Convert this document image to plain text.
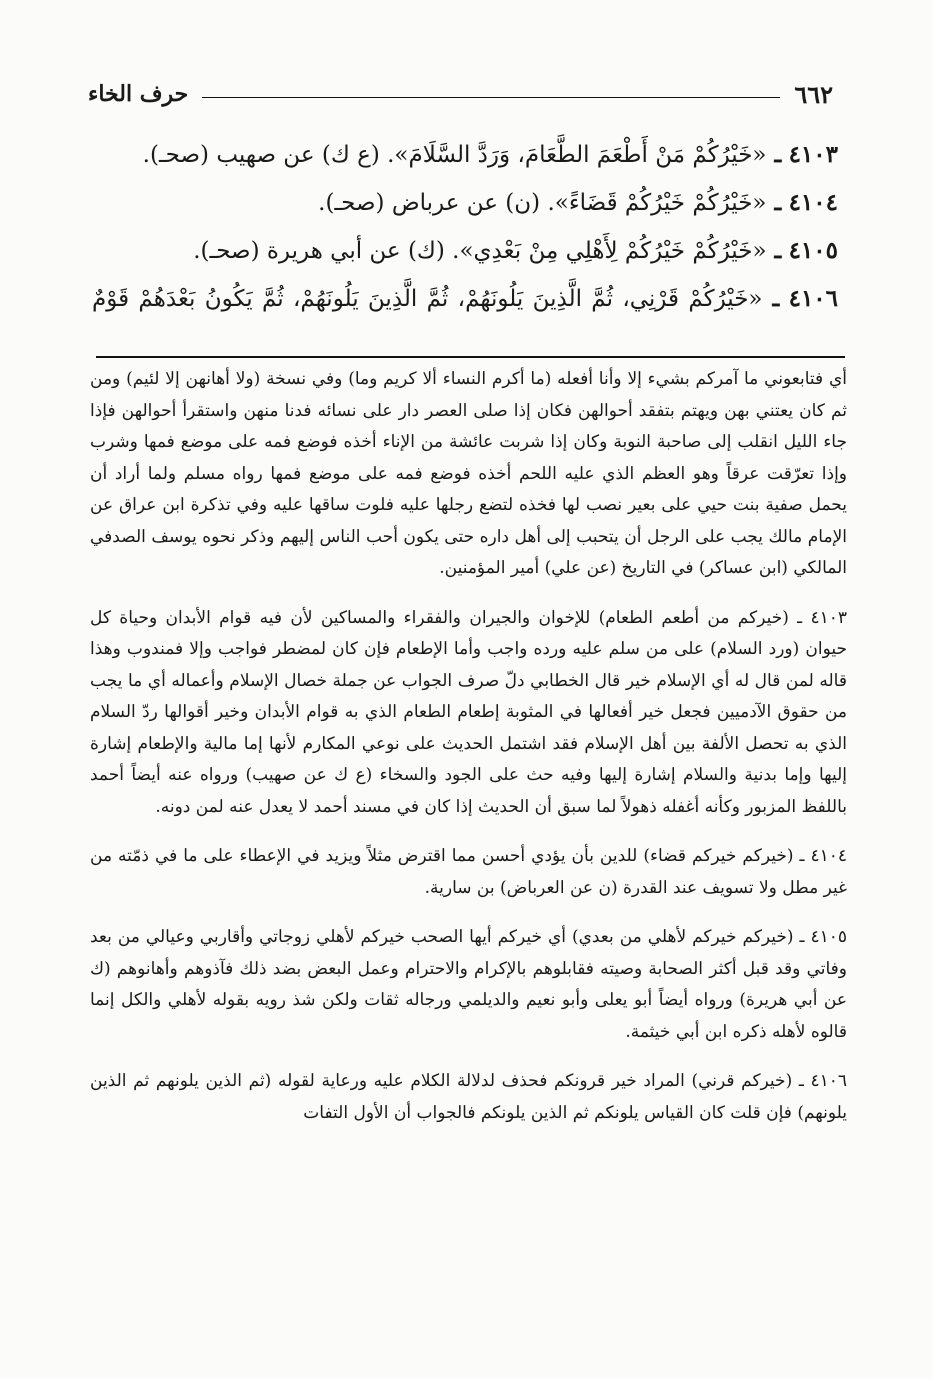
٦٦٢
حرف الخاء
٤١٠٣ ـ «خَيْرُكُمْ مَنْ أَطْعَمَ الطَّعَامَ، وَرَدَّ السَّلَامَ». (ع ك) عن صهيب (صحـ).
٤١٠٤ ـ «خَيْرُكُمْ خَيْرُكُمْ قَضَاءً». (ن) عن عرباض (صحـ).
٤١٠٥ ـ «خَيْرُكُمْ خَيْرُكُمْ لِأَهْلِي مِنْ بَعْدِي». (ك) عن أبي هريرة (صحـ).
٤١٠٦ ـ «خَيْرُكُمْ قَرْنِي، ثُمَّ الَّذِينَ يَلُونَهُمْ، ثُمَّ الَّذِينَ يَلُونَهُمْ، ثُمَّ يَكُونُ بَعْدَهُمْ قَوْمٌ

أي فتابعوني ما آمركم بشيء إلا وأنا أفعله (ما أكرم النساء ألا كريم وما) وفي نسخة (ولا أهانهن إلا لئيم) ومن ثم كان يعتني بهن ويهتم بتفقد أحوالهن فكان إذا صلى العصر دار على نسائه فدنا منهن واستقرأ أحوالهن فإذا جاء الليل انقلب إلى صاحبة النوبة وكان إذا شربت عائشة من الإناء أخذه فوضع فمه على موضع فمها وشرب وإذا تعرّقت عرقاً وهو العظم الذي عليه اللحم أخذه فوضع فمه على موضع فمها رواه مسلم ولما أراد أن يحمل صفية بنت حيي على بعير نصب لها فخذه لتضع رجلها عليه فلوت ساقها عليه وفي تذكرة ابن عراق عن الإمام مالك يجب على الرجل أن يتحبب إلى أهل داره حتى يكون أحب الناس إليهم وذكر نحوه يوسف الصدفي المالكي (ابن عساكر) في التاريخ (عن علي) أمير المؤمنين.

٤١٠٣ ـ (خيركم من أطعم الطعام) للإخوان والجيران والفقراء والمساكين لأن فيه قوام الأبدان وحياة كل حيوان (ورد السلام) على من سلم عليه ورده واجب وأما الإطعام فإن كان لمضطر فواجب وإلا فمندوب وهذا قاله لمن قال له أي الإسلام خير قال الخطابي دلّ صرف الجواب عن جملة خصال الإسلام وأعماله أي ما يجب من حقوق الآدميين فجعل خير أفعالها في المثوبة إطعام الطعام الذي به قوام الأبدان وخير أقوالها ردّ السلام الذي به تحصل الألفة بين أهل الإسلام فقد اشتمل الحديث على نوعي المكارم لأنها إما مالية والإطعام إشارة إليها وإما بدنية والسلام إشارة إليها وفيه حث على الجود والسخاء (ع ك عن صهيب) ورواه عنه أيضاً أحمد باللفظ المزبور وكأنه أغفله ذهولاً لما سبق أن الحديث إذا كان في مسند أحمد لا يعدل عنه لمن دونه.

٤١٠٤ ـ (خيركم خيركم قضاء) للدين بأن يؤدي أحسن مما اقترض مثلاً ويزيد في الإعطاء على ما في ذمّته من غير مطل ولا تسويف عند القدرة (ن عن العرباض) بن سارية.

٤١٠٥ ـ (خيركم خيركم لأهلي من بعدي) أي خيركم أيها الصحب خيركم لأهلي زوجاتي وأقاربي وعيالي من بعد وفاتي وقد قبل أكثر الصحابة وصيته فقابلوهم بالإكرام والاحترام وعمل البعض بضد ذلك فآذوهم وأهانوهم (ك عن أبي هريرة) ورواه أيضاً أبو يعلى وأبو نعيم والديلمي ورجاله ثقات ولكن شذ رويه بقوله لأهلي والكل إنما قالوه لأهله ذكره ابن أبي خيثمة.

٤١٠٦ ـ (خيركم قرني) المراد خير قرونكم فحذف لدلالة الكلام عليه ورعاية لقوله (ثم الذين يلونهم ثم الذين يلونهم) فإن قلت كان القياس يلونكم ثم الذين يلونكم فالجواب أن الأول التفات
